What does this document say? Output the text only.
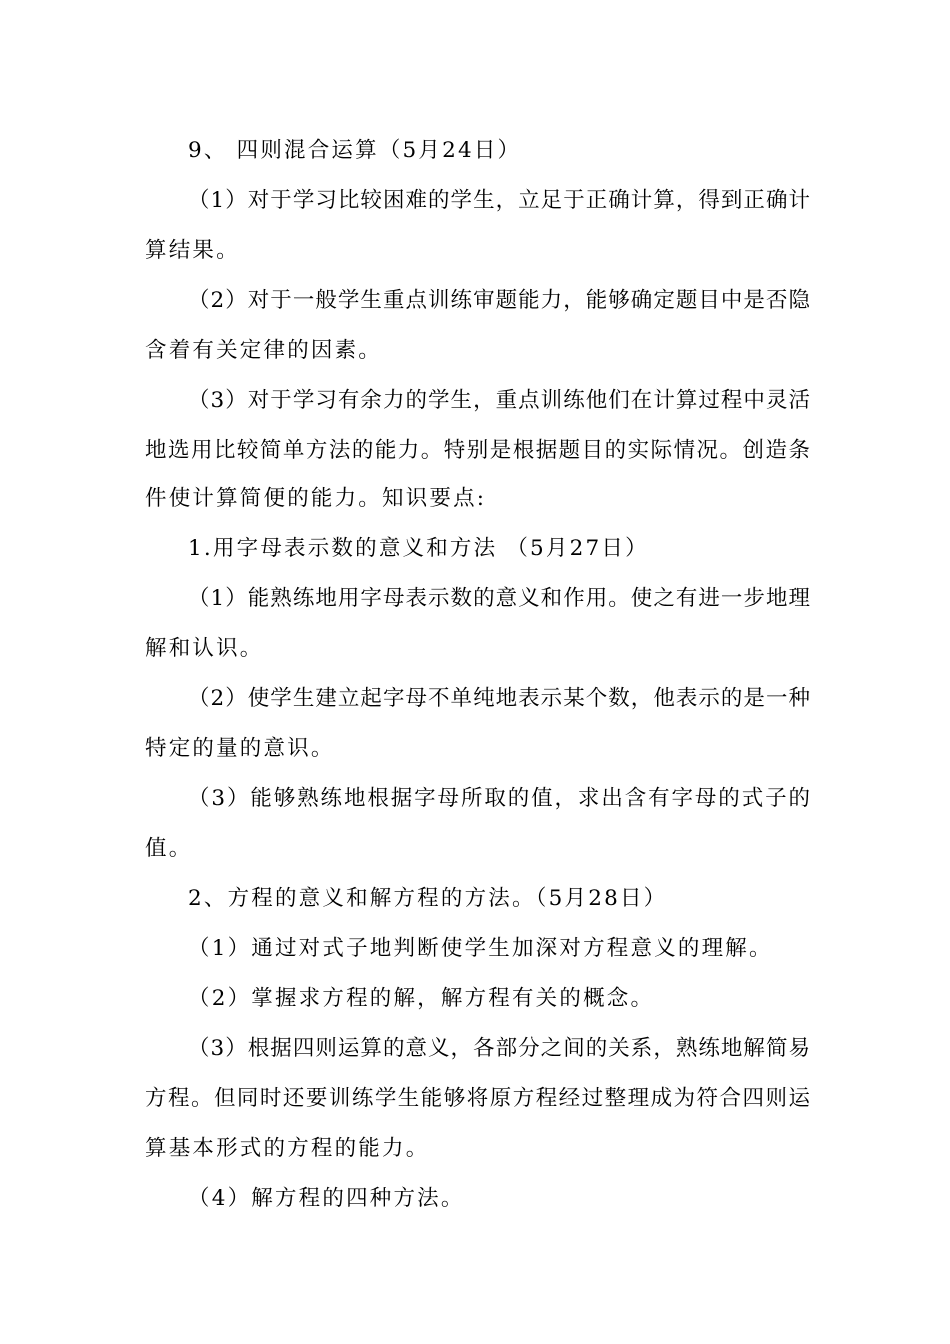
9、 四则混合运算（5月24日）
（1）对于学习比较困难的学生，立足于正确计算，得到正确计
算结果。
（2）对于一般学生重点训练审题能力，能够确定题目中是否隐
含着有关定律的因素。
（3）对于学习有余力的学生，重点训练他们在计算过程中灵活
地选用比较简单方法的能力。特别是根据题目的实际情况。创造条
件使计算简便的能力。知识要点:
1.用字母表示数的意义和方法 （5月27日）
（1）能熟练地用字母表示数的意义和作用。使之有进一步地理
解和认识。
（2）使学生建立起字母不单纯地表示某个数，他表示的是一种
特定的量的意识。
（3）能够熟练地根据字母所取的值，求出含有字母的式子的
值。
2、方程的意义和解方程的方法。（5月28日）
（1）通过对式子地判断使学生加深对方程意义的理解。
（2）掌握求方程的解，解方程有关的概念。
（3）根据四则运算的意义，各部分之间的关系，熟练地解简易
方程。但同时还要训练学生能够将原方程经过整理成为符合四则运
算基本形式的方程的能力。
（4）解方程的四种方法。
